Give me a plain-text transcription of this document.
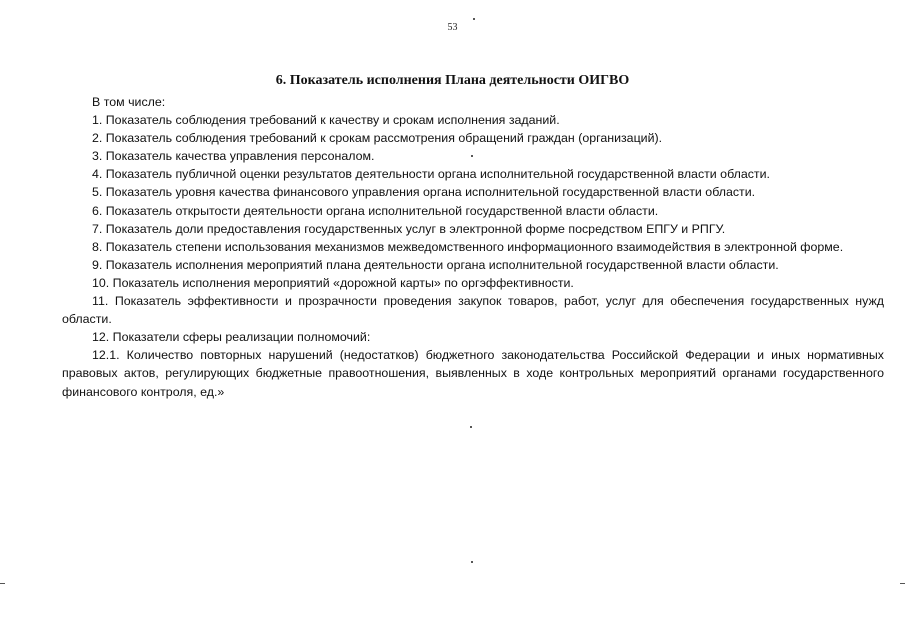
53
6. Показатель исполнения Плана деятельности ОИГВО

В том числе:

1. Показатель соблюдения требований к качеству и срокам исполнения заданий.

2. Показатель соблюдения требований к срокам рассмотрения обращений граждан (организаций).

3. Показатель качества управления персоналом.

4. Показатель публичной оценки результатов деятельности органа исполнительной государственной власти области.

5. Показатель уровня качества финансового управления органа исполнительной государственной власти области.

6. Показатель открытости деятельности органа исполнительной государственной власти области.

7. Показатель доли предоставления государственных услуг в электронной форме посредством ЕПГУ и РПГУ.

8. Показатель степени использования механизмов межведомственного информационного взаимодействия в электронной форме.

9. Показатель исполнения мероприятий плана деятельности органа исполнительной государственной власти области.

10. Показатель исполнения мероприятий «дорожной карты» по оргэффективности.

11. Показатель эффективности и прозрачности проведения закупок товаров, работ, услуг для обеспечения государственных нужд области.

12. Показатели сферы реализации полномочий:

12.1. Количество повторных нарушений (недостатков) бюджетного законодательства Российской Федерации и иных нормативных правовых актов, регулирующих бюджетные правоотношения, выявленных в ходе контрольных мероприятий органами государственного финансового контроля, ед.»
